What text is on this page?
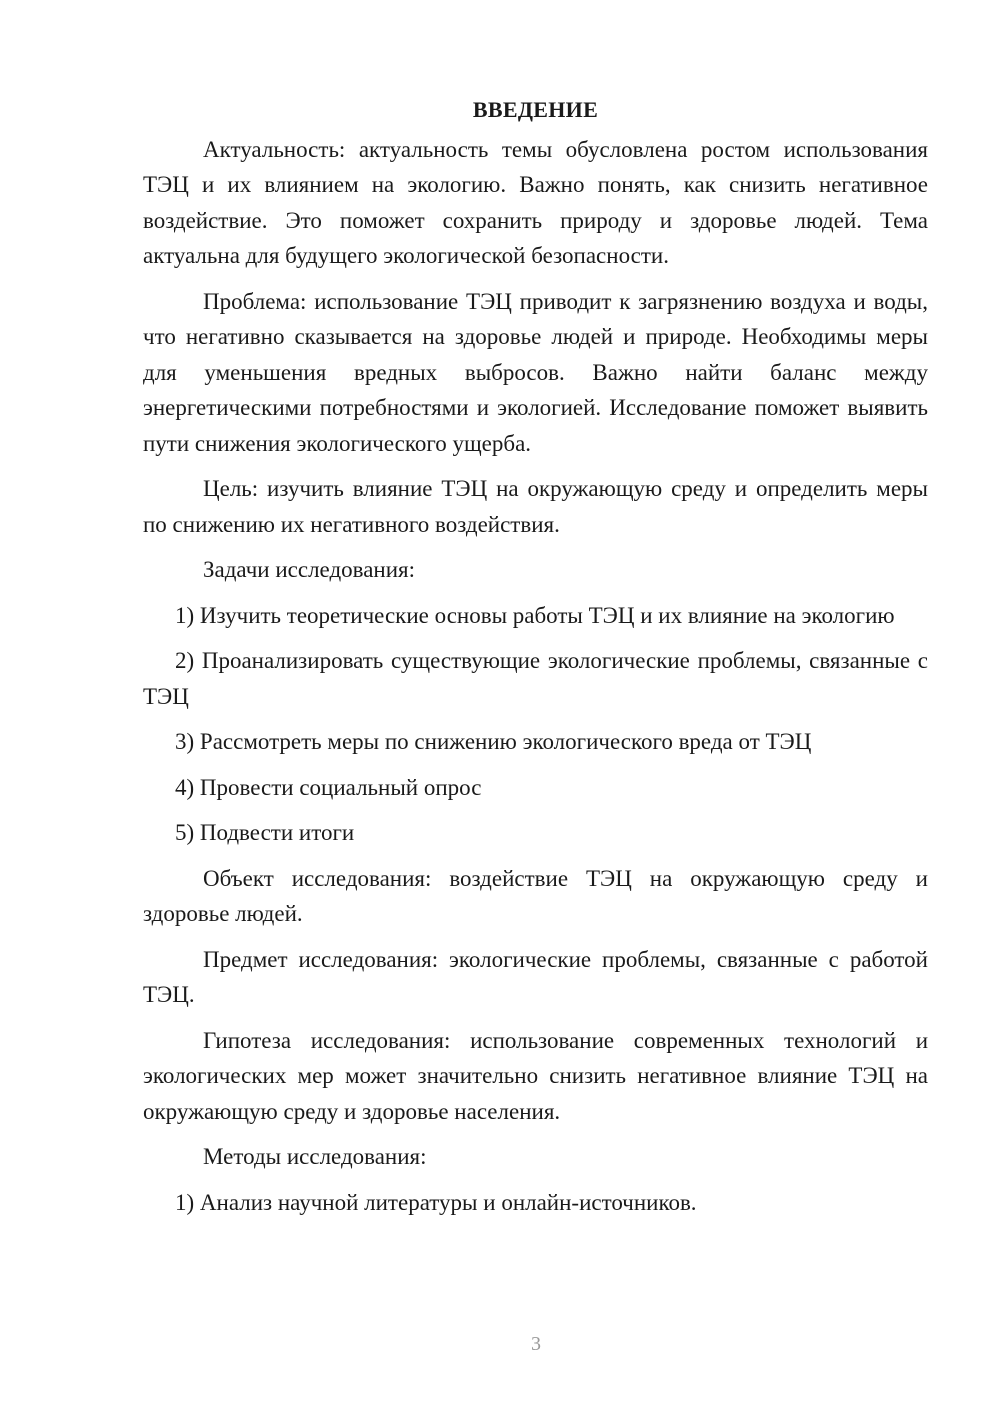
ВВЕДЕНИЕ
Актуальность: актуальность темы обусловлена ростом использования ТЭЦ и их влиянием на экологию. Важно понять, как снизить негативное воздействие. Это поможет сохранить природу и здоровье людей. Тема актуальна для будущего экологической безопасности.
Проблема: использование ТЭЦ приводит к загрязнению воздуха и воды, что негативно сказывается на здоровье людей и природе. Необходимы меры для уменьшения вредных выбросов. Важно найти баланс между энергетическими потребностями и экологией. Исследование поможет выявить пути снижения экологического ущерба.
Цель: изучить влияние ТЭЦ на окружающую среду и определить меры по снижению их негативного воздействия.
Задачи исследования:
1) Изучить теоретические основы работы ТЭЦ и их влияние на экологию
2) Проанализировать существующие экологические проблемы, связанные с ТЭЦ
3) Рассмотреть меры по снижению экологического вреда от ТЭЦ
4) Провести социальный опрос
5) Подвести итоги
Объект исследования: воздействие ТЭЦ на окружающую среду и здоровье людей.
Предмет исследования: экологические проблемы, связанные с работой ТЭЦ.
Гипотеза исследования: использование современных технологий и экологических мер может значительно снизить негативное влияние ТЭЦ на окружающую среду и здоровье населения.
Методы исследования:
1) Анализ научной литературы и онлайн-источников.
3
